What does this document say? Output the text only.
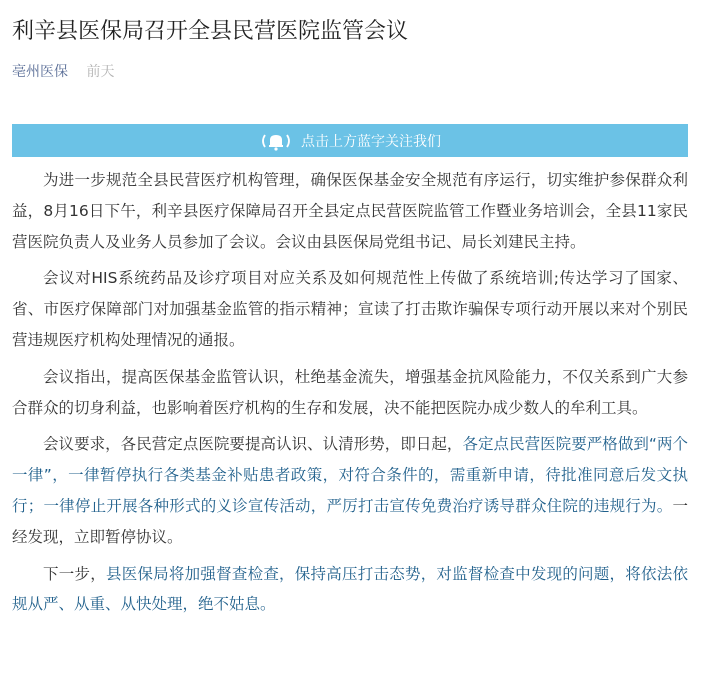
利辛县医保局召开全县民营医院监管会议
亳州医保 前天
点击上方蓝字关注我们

为进一步规范全县民营医疗机构管理，确保医保基金安全规范有序运行，切实维护参保群众利益，8月16日下午，利辛县医疗保障局召开全县定点民营医院监管工作暨业务培训会，全县11家民营医院负责人及业务人员参加了会议。会议由县医保局党组书记、局长刘建民主持。

会议对HIS系统药品及诊疗项目对应关系及如何规范性上传做了系统培训;传达学习了国家、省、市医疗保障部门对加强基金监管的指示精神；宣读了打击欺诈骗保专项行动开展以来对个别民营违规医疗机构处理情况的通报。

会议指出，提高医保基金监管认识，杜绝基金流失，增强基金抗风险能力，不仅关系到广大参合群众的切身利益，也影响着医疗机构的生存和发展，决不能把医院办成少数人的牟利工具。

会议要求，各民营定点医院要提高认识、认清形势，即日起，各定点民营医院要严格做到“两个一律”，一律暂停执行各类基金补贴患者政策，对符合条件的，需重新申请，待批准同意后发文执行；一律停止开展各种形式的义诊宣传活动，严厉打击宣传免费治疗诱导群众住院的违规行为。一经发现，立即暂停协议。

下一步，县医保局将加强督查检查，保持高压打击态势，对监督检查中发现的问题，将依法依规从严、从重、从快处理，绝不姑息。
